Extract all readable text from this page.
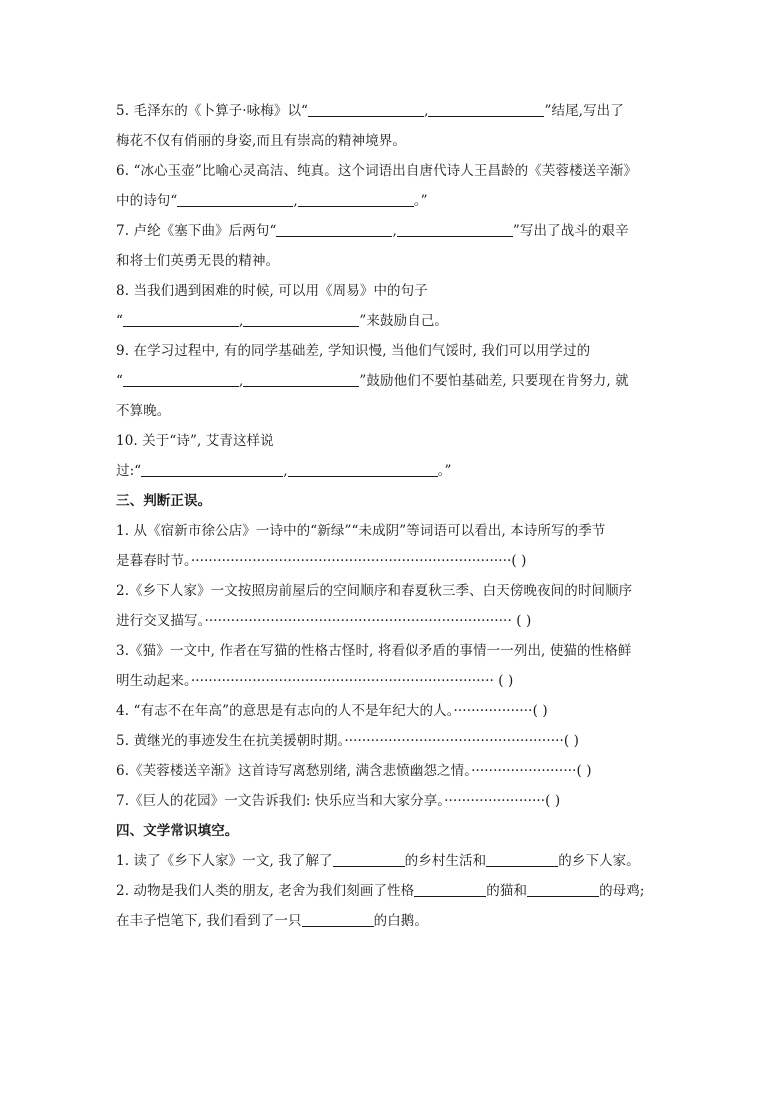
5. 毛泽东的《卜算子·咏梅》以“	,	”结尾,写出了
梅花不仅有俏丽的身姿,而且有崇高的精神境界。
6. “冰心玉壶”比喻心灵高洁、纯真。这个词语出自唐代诗人王昌龄的《芙蓉楼送辛渐》
中的诗句“	,	。”
7. 卢纶《塞下曲》后两句“	,	”写出了战斗的艰辛
和将士们英勇无畏的精神。
8. 当我们遇到困难的时候, 可以用《周易》中的句子
“	,	”来鼓励自己。
9. 在学习过程中, 有的同学基础差, 学知识慢, 当他们气馁时, 我们可以用学过的
“	,	”鼓励他们不要怕基础差, 只要现在肯努力, 就
不算晚。
10. 关于“诗”, 艾青这样说
过:“	,	。”
三、判断正误。
1. 从《宿新市徐公店》一诗中的“新绿”“未成阴”等词语可以看出, 本诗所写的季节
是暮春时节。·········································································( )
2.《乡下人家》一文按照房前屋后的空间顺序和春夏秋三季、白天傍晚夜间的时间顺序
进行交叉描写。······································································ ( )
3.《猫》一文中, 作者在写猫的性格古怪时, 将看似矛盾的事情一一列出, 使猫的性格鲜
明生动起来。····································································· ( )
4. “有志不在年高”的意思是有志向的人不是年纪大的人。··················( )
5. 黄继光的事迹发生在抗美援朝时期。··················································( )
6.《芙蓉楼送辛渐》这首诗写离愁别绪, 满含悲愤幽怨之情。························( )
7.《巨人的花园》一文告诉我们: 快乐应当和大家分享。·······················( )
四、文学常识填空。
1. 读了《乡下人家》一文, 我了解了	的乡村生活和	的乡下人家。
2. 动物是我们人类的朋友, 老舍为我们刻画了性格	的猫和	的母鸡;
在丰子恺笔下, 我们看到了一只	的白鹅。
